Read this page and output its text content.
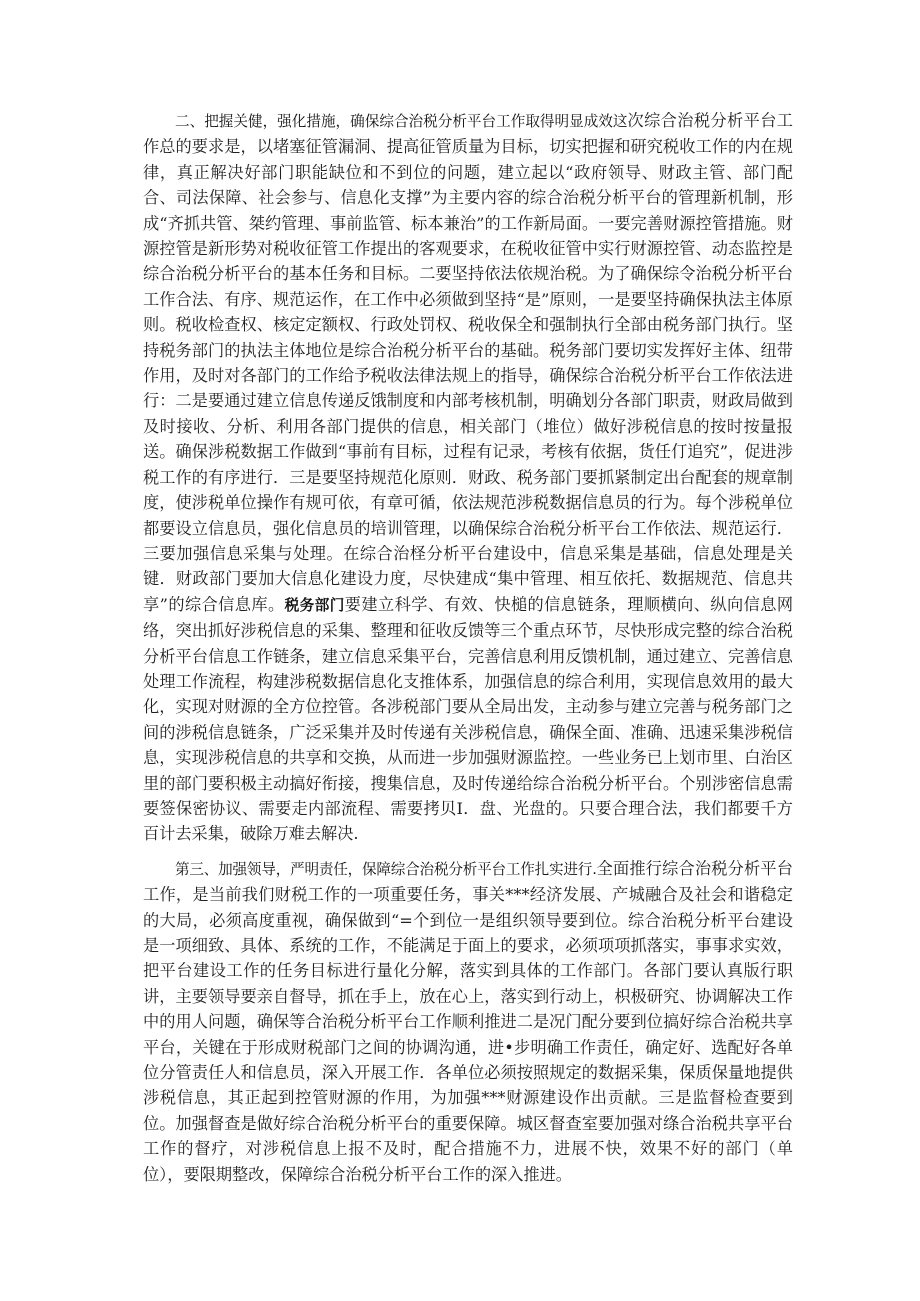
二、把握关健，强化措施，确保综合治税分析平台工作取得明显成效这次综合治税分析平台工作总的要求是，以堵塞征管漏洞、提高征管质量为目标，切实把握和研究税收工作的内在规律，真正解决好部门职能缺位和不到位的问题，建立起以“政府领导、财政主管、部门配合、司法保障、社会参与、信息化支撑”为主要内容的综合治税分析平台的管理新机制，形成“齐抓共管、桀约管理、事前监管、标本兼治”的工作新局面。一要完善财源控管措施。财源控管是新形势对税收征管工作提出的客观要求，在税收征管中实行财源控管、动态监控是综合治税分析平台的基本任务和目标。二要坚持依法依规治税。为了确保综令治税分析平台工作合法、有序、规范运作，在工作中必须做到坚持“是”原则，一是要坚持确保执法主体原则。税收检查权、核定定额权、行政处罚权、税收保全和强制执行全部由税务部门执行。坚持税务部门的执法主体地位是综合治税分析平台的基础。税务部门要切实发挥好主体、纽带作用，及时对各部门的工作给予税收法律法规上的指导，确保综合治税分析平台工作依法进行：二是要通过建立信息传递反饿制度和内部考核机制，明确划分各部门职责，财政局做到及时接收、分析、利用各部门提供的信息，相关部门（堆位）做好涉税信息的按时按量报送。确保涉税数据工作做到“事前有目标，过程有记录，考核有依据，货任仃追究”，促进涉税工作的有序进行．三是要坚持规范化原则．财政、税务部门要抓紧制定出台配套的规章制度，使涉税单位操作有规可依，有章可循，依法规范涉税数据信息员的行为。每个涉税单位都要设立信息员，强化信息员的培训管理，以确保综合治税分析平台工作依法、规范运行．三要加强信息采集与处理。在综合治柽分析平台建设中，信息采集是基础，信息处理是关键．财政部门要加大信息化建设力度，尽快建成“集中管理、相互依托、数据规范、信息共享”的综合信息库。税务部门要建立科学、有效、快槌的信息链条，理顺横向、纵向信息网络，突出抓好涉税信息的采集、整理和征收反馈等三个重点环节，尽快形成完整的综合治税分析平台信息工作链条，建立信息采集平台，完善信息利用反馈机制，通过建立、完善信息处理工作流程，构建涉税数据信息化支推体系，加强信息的综合利用，实现信息效用的最大化，实现对财源的全方位控管。各涉税部门要从全局出发，主动参与建立完善与税务部门之间的涉税信息链条，广泛采集并及时传递有关涉税信息，确保全面、准确、迅速采集涉税信息，实现涉税信息的共享和交换，从而进一步加强财源监控。一些业务已上划市里、白治区里的部门要积极主动搞好衔接，搜集信息，及时传递给综合治税分析平台。个别涉密信息需要签保密协议、需要走内部流程、需要拷贝I．盘、光盘的。只要合理合法，我们都要千方百计去采集，破除万难去解决.

第三、加强领导，严明责任，保障综合治税分析平台工作扎实进行.全面推行综合治税分析平台工作，是当前我们财税工作的一项重要任务，事关***经济发展、产城融合及社会和谐稳定的大局，必须高度重视，确保做到“=个到位一是组织领导要到位。综合治税分析平台建设是一项细致、具体、系统的工作，不能满足于面上的要求，必须项项抓落实，事事求实效，把平台建设工作的任务目标进行量化分解，落实到具体的工作部门。各部门要认真版行职讲，主要领导要亲自督导，抓在手上，放在心上，落实到行动上，枳极研究、协调解决工作中的用人问题，确保等合治税分析平台工作顺利推进二是况门配分要到位搞好综合治税共享平台，关键在于形成财税部门之间的协调沟通，进•步明确工作责任，确定好、选配好各单位分管责任人和信息员，深入开展工作．各单位必须按照规定的数据采集，保质保量地提供涉税信息，其正起到控管财源的作用，为加强***财源建设作出贡献。三是监督检查要到位。加强督查是做好综合治税分析平台的重要保障。城区督查室要加强对绦合治税共享平台工作的督疗，对涉税信息上报不及时，配合措施不力，进展不快，效果不好的部门（单位），要限期整改，保障综合治税分析平台工作的深入推进。
